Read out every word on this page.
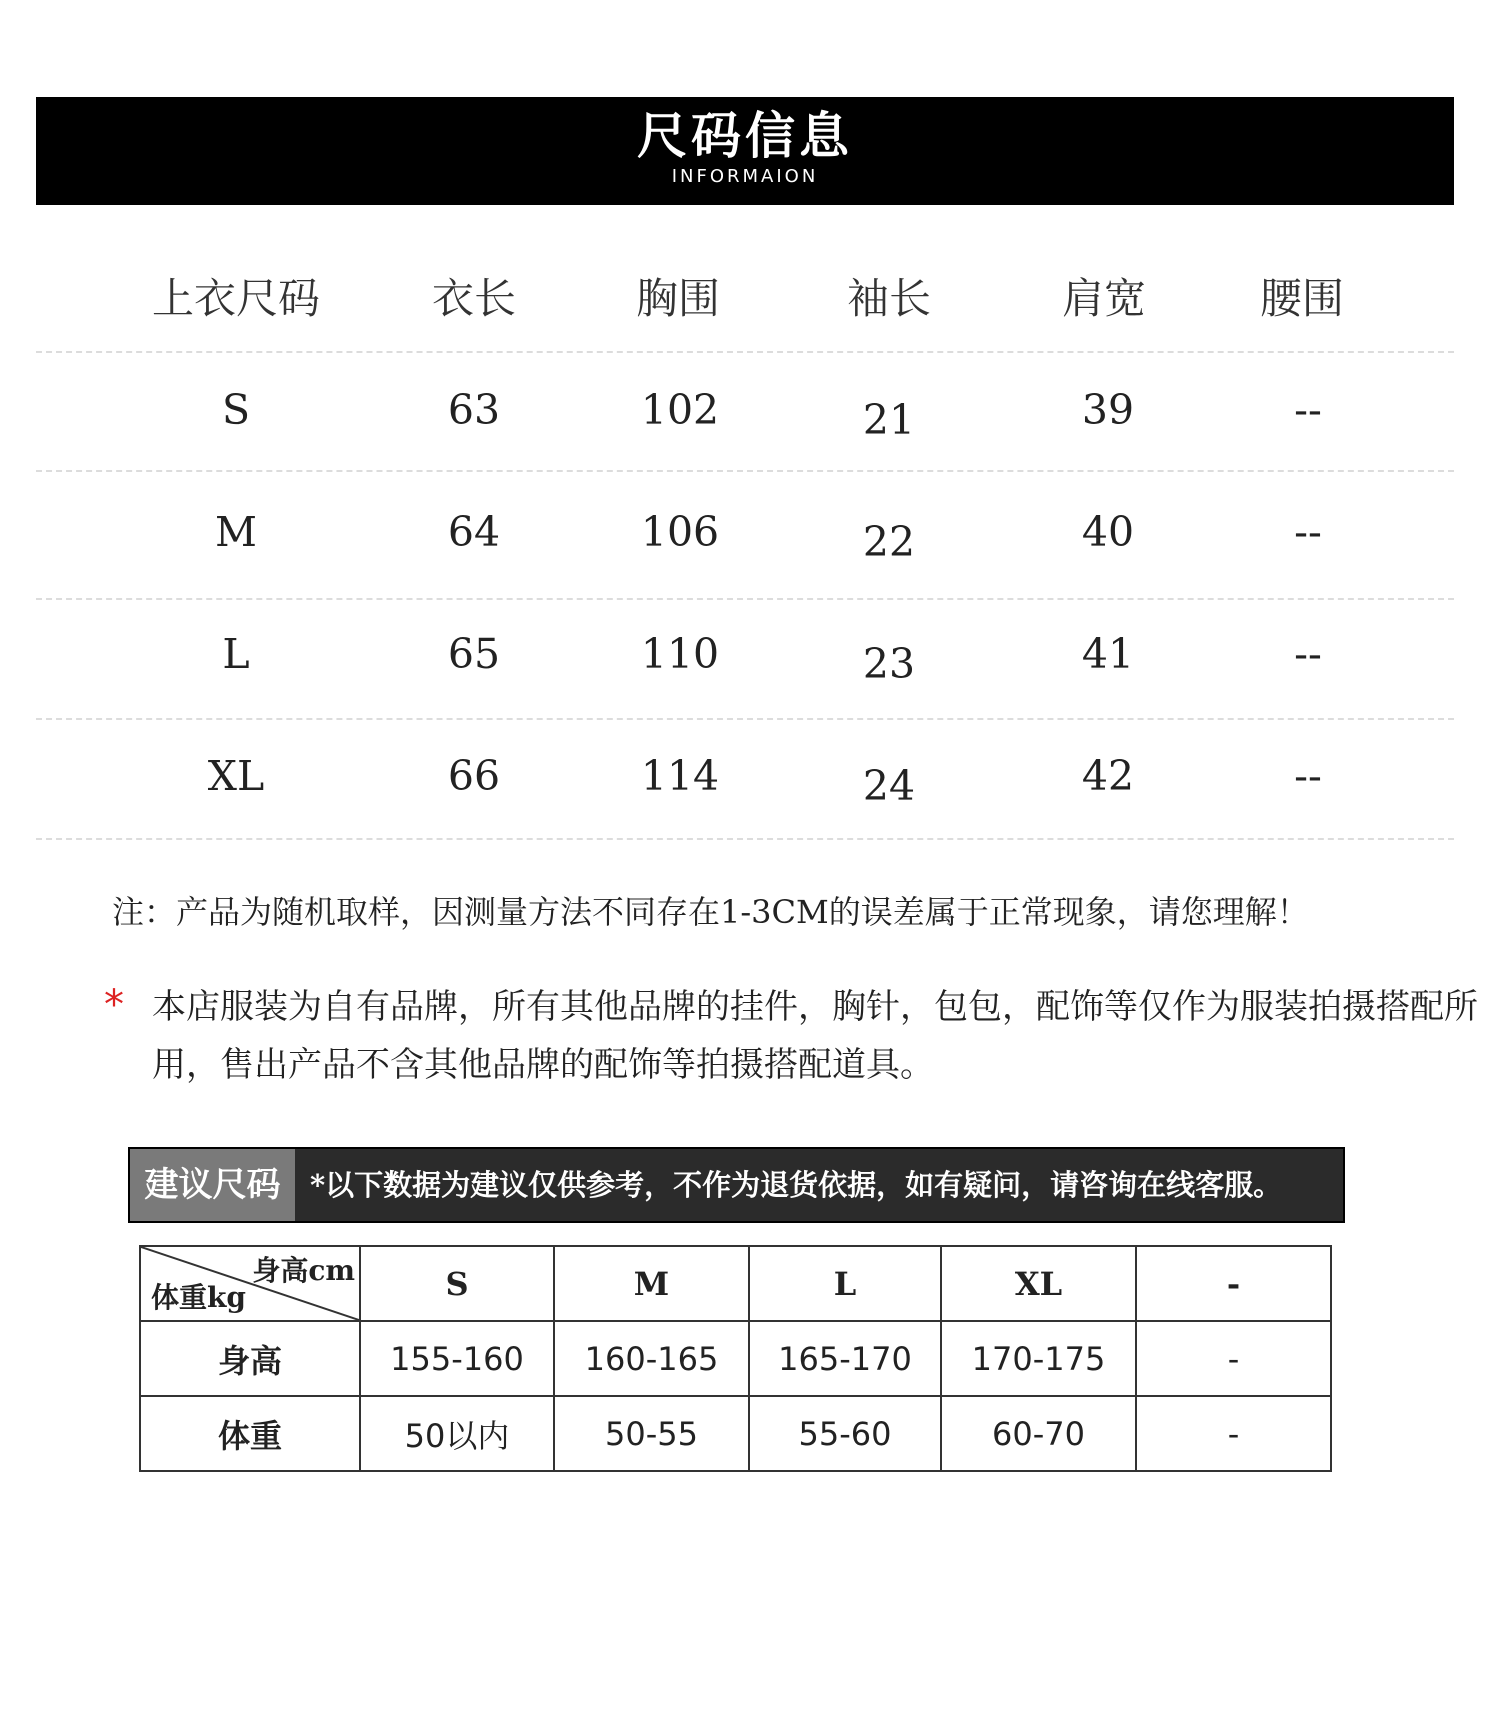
尺码信息
INFORMAION
上衣尺码	衣长	胸围	袖长	肩宽	腰围
S	63	102	21	39	--
M	64	106	22	40	--
L	65	110	23	41	--
XL	66	114	24	42	--
注：产品为随机取样，因测量方法不同存在1-3CM的误差属于正常现象，请您理解！
* 本店服装为自有品牌，所有其他品牌的挂件，胸针，包包，配饰等仅作为服装拍摄搭配所用，售出产品不含其他品牌的配饰等拍摄搭配道具。
建议尺码	*以下数据为建议仅供参考，不作为退货依据，如有疑问，请咨询在线客服。
身高cm
体重kg	S	M	L	XL	-
身高	155-160	160-165	165-170	170-175	-
体重	50以内	50-55	55-60	60-70	-
